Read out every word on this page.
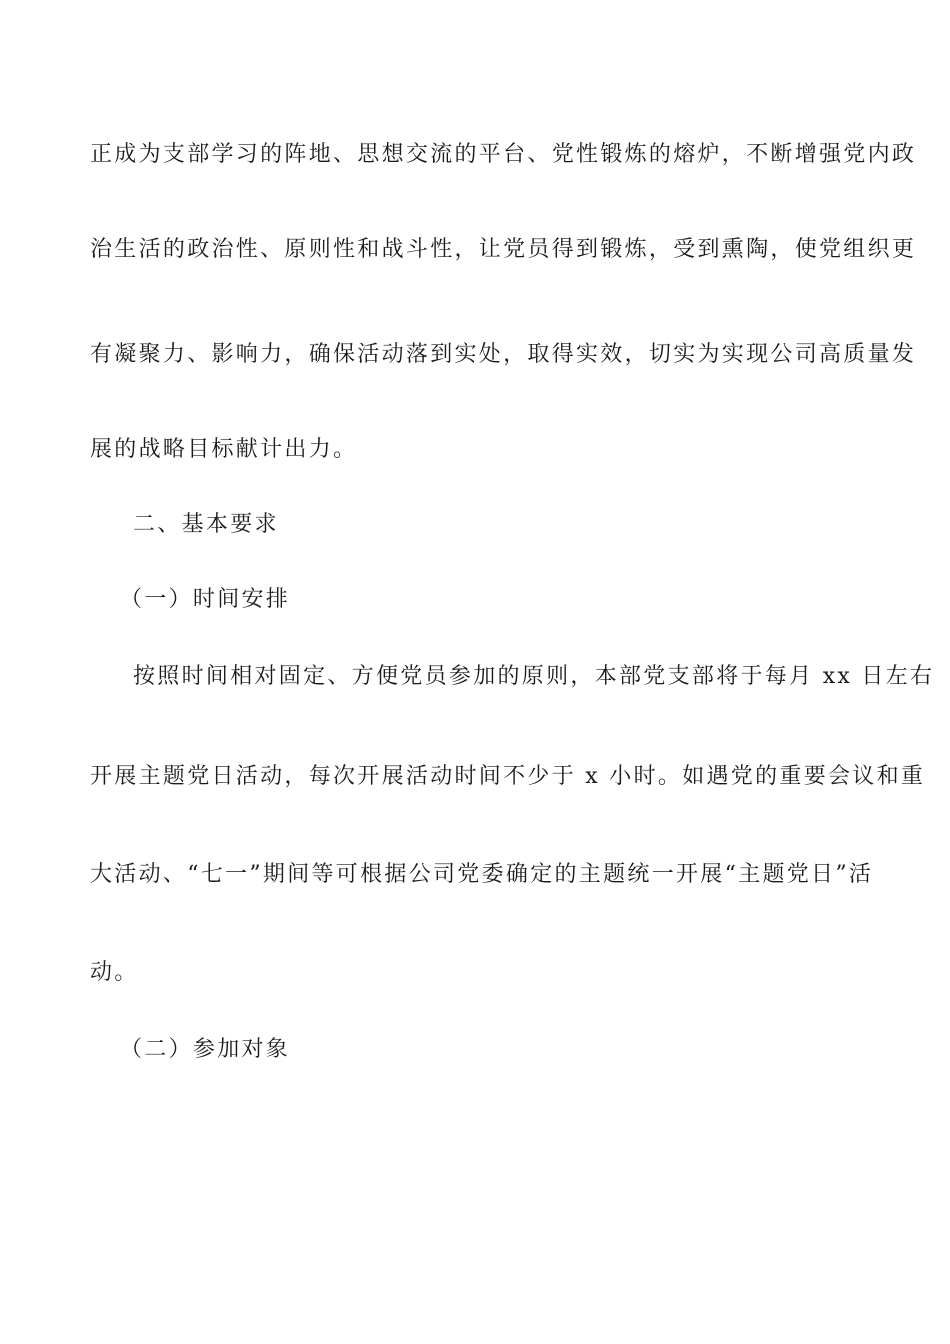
正成为支部学习的阵地、思想交流的平台、党性锻炼的熔炉，不断增强党内政
治生活的政治性、原则性和战斗性，让党员得到锻炼，受到熏陶，使党组织更
有凝聚力、影响力，确保活动落到实处，取得实效，切实为实现公司高质量发
展的战略目标献计出力。
二、基本要求
（一）时间安排
按照时间相对固定、方便党员参加的原则，本部党支部将于每月 xx 日左右
开展主题党日活动，每次开展活动时间不少于 x 小时。如遇党的重要会议和重
大活动、“七一”期间等可根据公司党委确定的主题统一开展“主题党日”活
动。
（二）参加对象
